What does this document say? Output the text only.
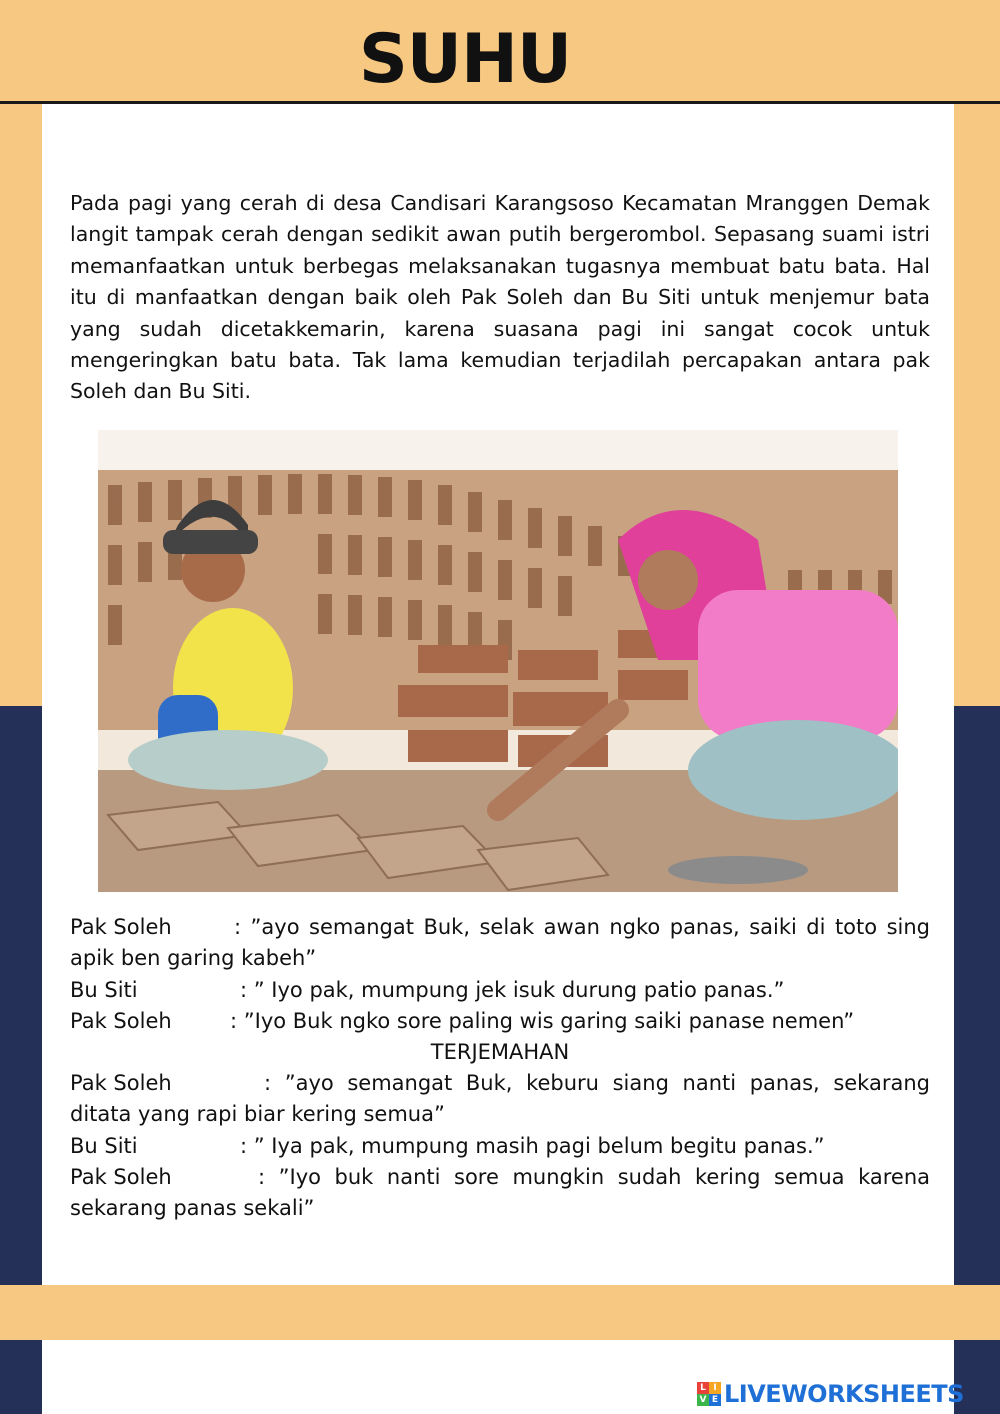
SUHU

Pada pagi yang cerah di desa Candisari Karangsoso Kecamatan Mranggen Demak langit tampak cerah dengan sedikit awan putih bergerombol. Sepasang suami istri memanfaatkan untuk berbegas melaksanakan tugasnya membuat batu bata. Hal itu di manfaatkan dengan baik oleh Pak Soleh dan Bu Siti untuk menjemur bata yang sudah dicetakkemarin, karena suasana pagi ini sangat cocok untuk mengeringkan batu bata. Tak lama kemudian terjadilah percapakan antara pak Soleh dan Bu Siti.

Pak Soleh	: ”ayo semangat Buk, selak awan ngko panas, saiki di toto sing apik ben garing kabeh”
Bu Siti	: ” Iyo pak, mumpung jek isuk durung patio panas.”
Pak Soleh	: ”Iyo Buk ngko sore paling wis garing saiki panase nemen”
TERJEMAHAN
Pak Soleh	: ”ayo semangat Buk, keburu siang nanti panas, sekarang ditata yang rapi biar kering semua”
Bu Siti	: ” Iya pak, mumpung masih pagi belum begitu panas.”
Pak Soleh	: ”Iyo buk nanti sore mungkin sudah kering semua karena sekarang panas sekali”
L I
V E LIVEWORKSHEETS
